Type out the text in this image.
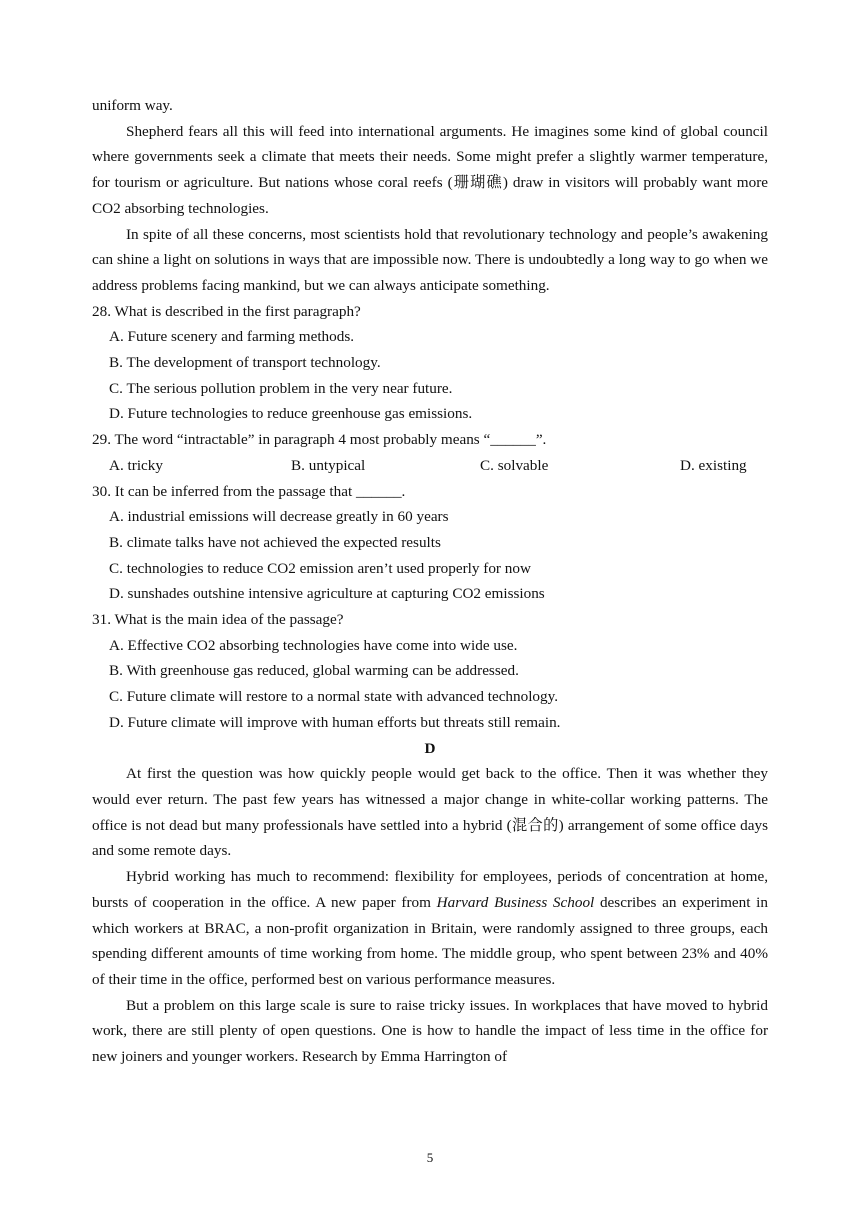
uniform way.

Shepherd fears all this will feed into international arguments. He imagines some kind of global council where governments seek a climate that meets their needs. Some might prefer a slightly warmer temperature, for tourism or agriculture. But nations whose coral reefs (珊瑚礁) draw in visitors will probably want more CO2 absorbing technologies.

In spite of all these concerns, most scientists hold that revolutionary technology and people’s awakening can shine a light on solutions in ways that are impossible now. There is undoubtedly a long way to go when we address problems facing mankind, but we can always anticipate something.

28. What is described in the first paragraph?

A. Future scenery and farming methods.

B. The development of transport technology.

C. The serious pollution problem in the very near future.

D. Future technologies to reduce greenhouse gas emissions.

29. The word “intractable” in paragraph 4 most probably means “______”.

A. tricky	B. untypical	C. solvable	D. existing

30. It can be inferred from the passage that ______.

A. industrial emissions will decrease greatly in 60 years

B. climate talks have not achieved the expected results

C. technologies to reduce CO2 emission aren’t used properly for now

D. sunshades outshine intensive agriculture at capturing CO2 emissions

31. What is the main idea of the passage?

A. Effective CO2 absorbing technologies have come into wide use.

B. With greenhouse gas reduced, global warming can be addressed.

C. Future climate will restore to a normal state with advanced technology.

D. Future climate will improve with human efforts but threats still remain.

D

At first the question was how quickly people would get back to the office. Then it was whether they would ever return. The past few years has witnessed a major change in white-collar working patterns. The office is not dead but many professionals have settled into a hybrid (混合的) arrangement of some office days and some remote days.

Hybrid working has much to recommend: flexibility for employees, periods of concentration at home, bursts of cooperation in the office. A new paper from Harvard Business School describes an experiment in which workers at BRAC, a non-profit organization in Britain, were randomly assigned to three groups, each spending different amounts of time working from home. The middle group, who spent between 23% and 40% of their time in the office, performed best on various performance measures.

But a problem on this large scale is sure to raise tricky issues. In workplaces that have moved to hybrid work, there are still plenty of open questions. One is how to handle the impact of less time in the office for new joiners and younger workers. Research by Emma Harrington of

5
